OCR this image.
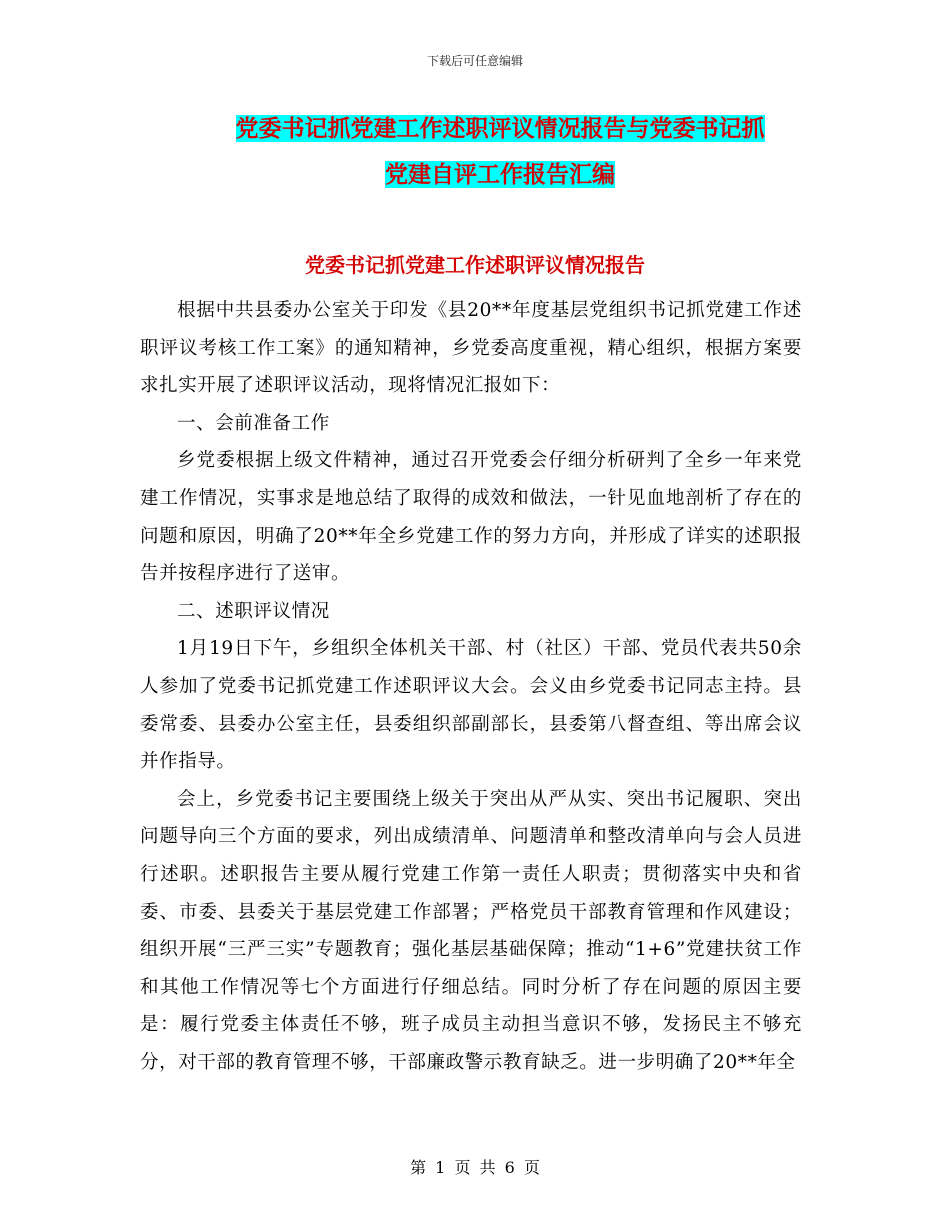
下载后可任意编辑
党委书记抓党建工作述职评议情况报告与党委书记抓
党建自评工作报告汇编
党委书记抓党建工作述职评议情况报告

根据中共县委办公室关于印发《县20**年度基层党组织书记抓党建工作述职评议考核工作工案》的通知精神，乡党委高度重视，精心组织，根据方案要求扎实开展了述职评议活动，现将情况汇报如下：

一、会前准备工作

乡党委根据上级文件精神，通过召开党委会仔细分析研判了全乡一年来党建工作情况，实事求是地总结了取得的成效和做法，一针见血地剖析了存在的问题和原因，明确了20**年全乡党建工作的努力方向，并形成了详实的述职报告并按程序进行了送审。

二、述职评议情况

1月19日下午，乡组织全体机关干部、村（社区）干部、党员代表共50余人参加了党委书记抓党建工作述职评议大会。会义由乡党委书记同志主持。县委常委、县委办公室主任，县委组织部副部长，县委第八督查组、等出席会议并作指导。

会上，乡党委书记主要围绕上级关于突出从严从实、突出书记履职、突出问题导向三个方面的要求，列出成绩清单、问题清单和整改清单向与会人员进行述职。述职报告主要从履行党建工作第一责任人职责；贯彻落实中央和省委、市委、县委关于基层党建工作部署；严格党员干部教育管理和作风建设；组织开展“三严三实”专题教育；强化基层基础保障；推动“1+6”党建扶贫工作和其他工作情况等七个方面进行仔细总结。同时分析了存在问题的原因主要是：履行党委主体责任不够，班子成员主动担当意识不够，发扬民主不够充分，对干部的教育管理不够，干部廉政警示教育缺乏。进一步明确了20**年全

第 1 页 共 6 页
